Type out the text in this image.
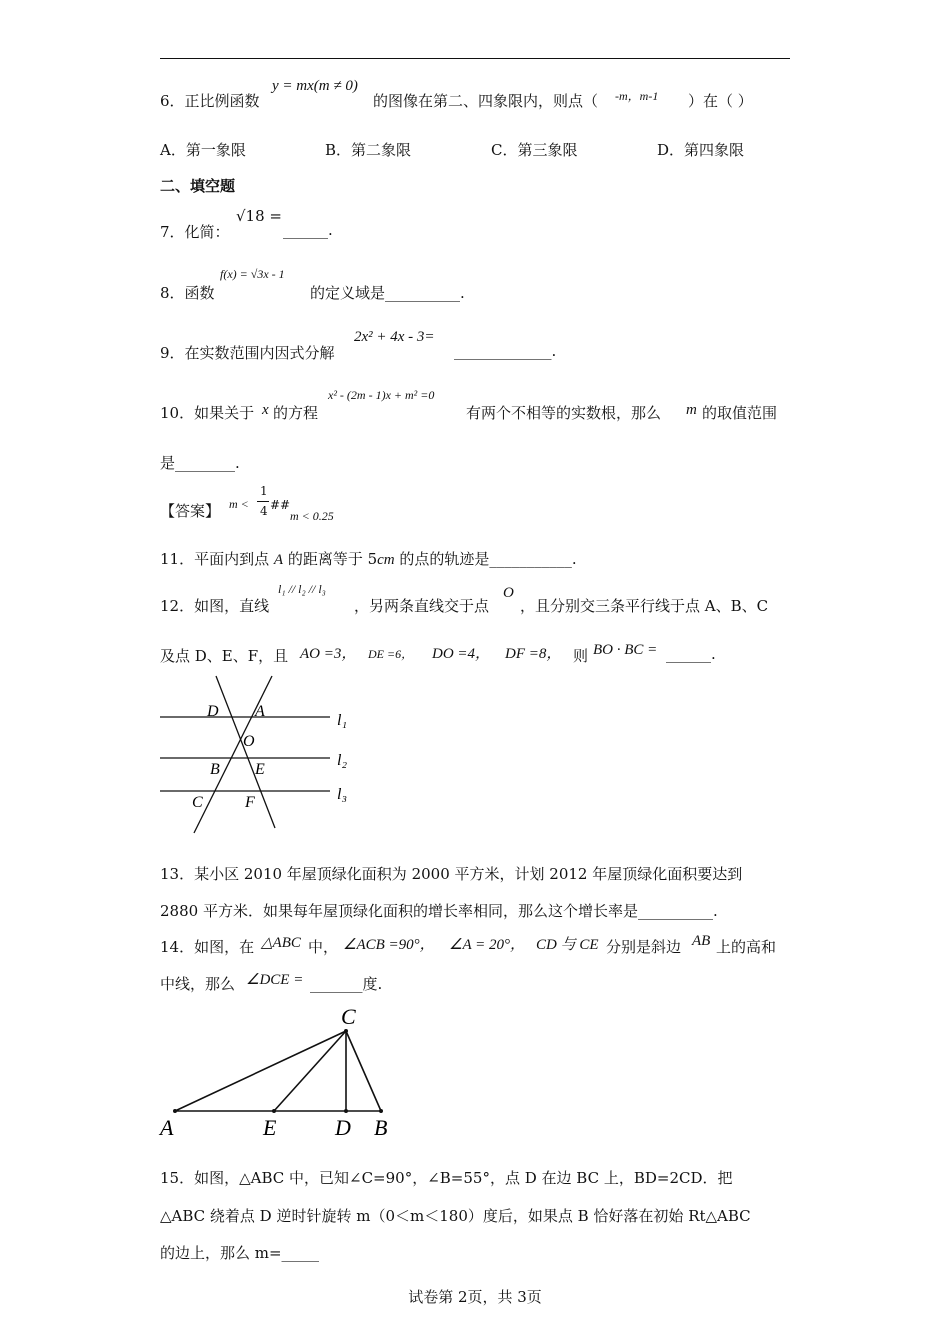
6．正比例函数
y = mx(m ≠ 0)
的图像在第二、四象限内，则点（ -m，m-1 ）在（ ）
A．第一象限	B．第二象限	C．第三象限	D．第四象限
二、填空题
7．化简：
√18 =
______.
8．函数
f(x) = √3x - 1
的定义域是__________.
9．在实数范围内因式分解
2x² + 4x - 3=
_____________.
10．如果关于 x 的方程
x² - (2m - 1)x + m² =0
有两个不相等的实数根，那么 m 的取值范围
是________.
【答案】 m <
1
4 ##
m < 0.25
11．平面内到点 A 的距离等于 5cm 的点的轨迹是___________.
12．如图，直线
l₁ // l₂ // l₃
，另两条直线交于点
O
，且分别交三条平行线于点 A、B、C
及点 D、E、F，且 AO =3， DE =6， DO =4， DF =8， 则 BO · BC = ______.
D A
O
B E
C	F
l₁
l₂
l₃
13．某小区 2010 年屋顶绿化面积为 2000 平方米，计划 2012 年屋顶绿化面积要达到
2880 平方米．如果每年屋顶绿化面积的增长率相同，那么这个增长率是__________.
14．如图，在 △ABC 中， ∠ACB =90°， ∠A = 20°， CD 与 CE 分别是斜边 AB 上的高和
中线，那么 ∠DCE = _______度.
C
A	E	D B
15．如图，△ABC 中，已知∠C=90°，∠B=55°，点 D 在边 BC 上，BD=2CD．把
△ABC 绕着点 D 逆时针旋转 m（0＜m＜180）度后，如果点 B 恰好落在初始 Rt△ABC
的边上，那么 m=_____
试卷第 2页，共 3页
